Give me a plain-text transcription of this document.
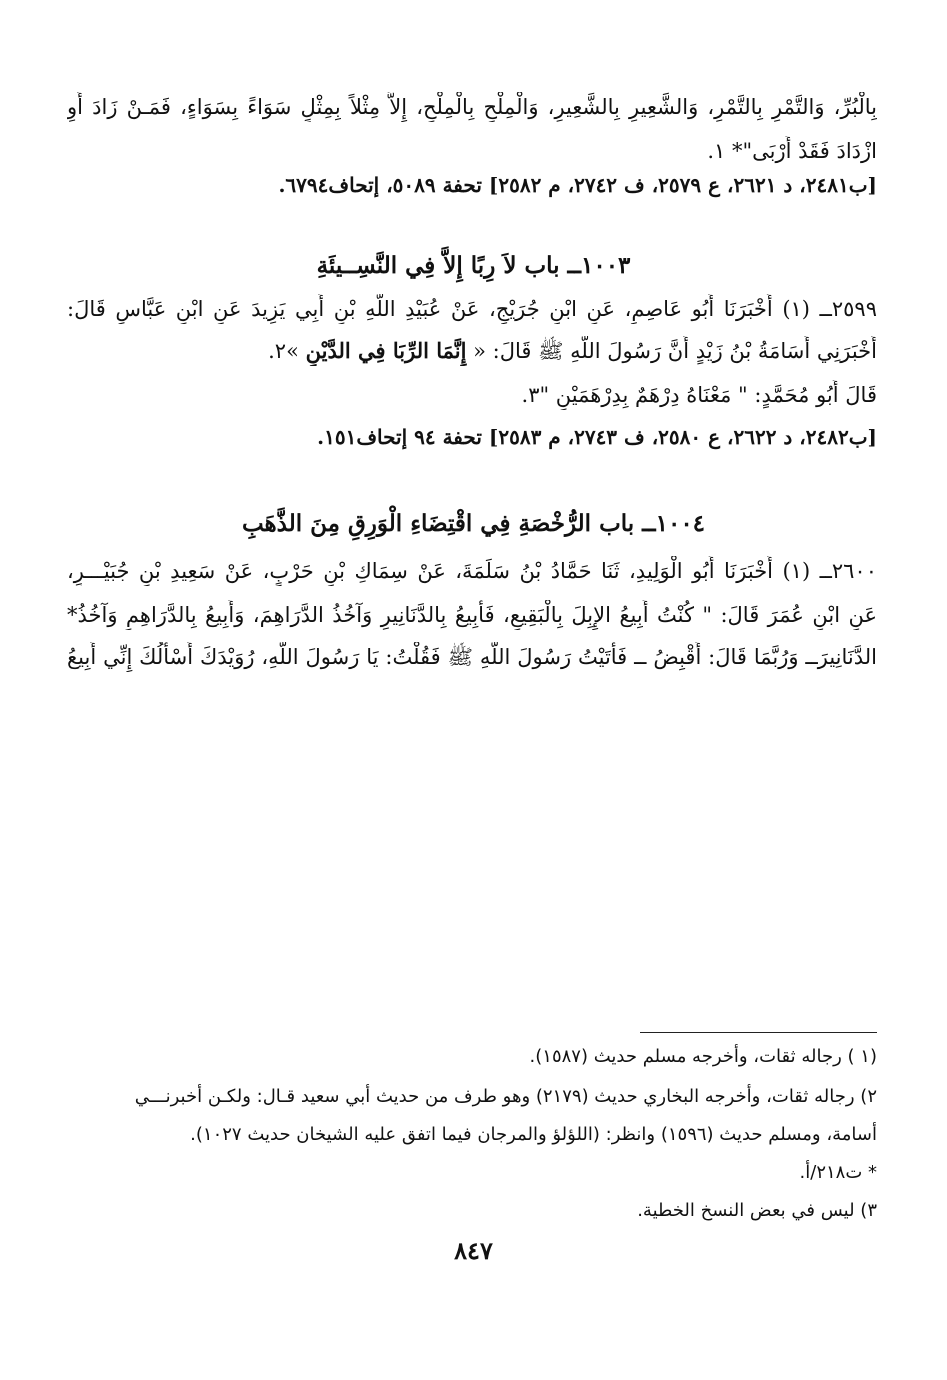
بِالْبُرِّ، وَالتَّمْرِ بِالتَّمْرِ، وَالشَّعِيرِ بِالشَّعِيرِ، وَالْمِلْحِ بِالْمِلْحِ، إِلاَّ مِثْلاً بِمِثْلٍ سَوَاءً بِسَوَاءٍ، فَمَـنْ زَادَ أَوِ
ازْدَادَ فَقَدْ أَرْبَى"* ١.
[ب٢٤٨١، د ٢٦٢١، ع ٢٥٧٩، ف ٢٧٤٢، م ٢٥٨٢] تحفة ٥٠٨٩، إتحاف٦٧٩٤.
١٠٠٣ــ باب لاَ رِبًا إِلاَّ فِي النَّسِــيئَةِ
٢٥٩٩ــ (١) أَخْبَرَنَا أَبُو عَاصِمٍ، عَنِ ابْنِ جُرَيْجٍ، عَنْ عُبَيْدِ اللَّهِ بْنِ أَبِي يَزِيدَ عَنِ ابْنِ عَبَّاسٍ قَالَ:
أَخْبَرَنِي أُسَامَةُ بْنُ زَيْدٍ أَنَّ رَسُولَ اللَّهِ ﷺ قَالَ: « إِنَّمَا الرِّبَا فِي الدَّيْنِ »٢.
قَالَ أَبُو مُحَمَّدٍ: " مَعْنَاهُ دِرْهَمٌ بِدِرْهَمَيْنِ "٣.
[ب٢٤٨٢، د ٢٦٢٢، ع ٢٥٨٠، ف ٢٧٤٣، م ٢٥٨٣] تحفة ٩٤ إتحاف١٥١.
١٠٠٤ــ باب الرُّخْصَةِ فِي اقْتِضَاءِ الْوَرِقِ مِنَ الذَّهَبِ
٢٦٠٠ــ (١) أَخْبَرَنَا أَبُو الْوَلِيدِ، ثَنَا حَمَّادُ بْنُ سَلَمَةَ، عَنْ سِمَاكِ بْنِ حَرْبٍ، عَنْ سَعِيدِ بْنِ جُبَيْـــرٍ،
عَنِ ابْنِ عُمَرَ قَالَ: " كُنْتُ أَبِيعُ الإِبِلَ بِالْبَقِيعِ، فَأَبِيعُ بِالدَّنَانِيرِ وَآخُذُ الدَّرَاهِمَ، وَأَبِيعُ بِالدَّرَاهِمِ وَآخُذُ*
الدَّنَانِيرَــ وَرُبَّمَا قَالَ: أَقْبِضُ ــ فَأَتَيْتُ رَسُولَ اللَّهِ ﷺ فَقُلْتُ: يَا رَسُولَ اللَّهِ، رُوَيْدَكَ أَسْأَلُكَ إِنِّي أَبِيعُ
(١ ) رجاله ثقات، وأخرجه مسلم حديث (١٥٨٧).
٢) رجاله ثقات، وأخرجه البخاري حديث (٢١٧٩) وهو طرف من حديث أبي سعيد قـال: ولكـن أخبرنـــي
أسامة، ومسلم حديث (١٥٩٦) وانظر: (اللؤلؤ والمرجان فيما اتفق عليه الشيخان حديث ١٠٢٧).
* ت٢١٨/أ.
٣) ليس في بعض النسخ الخطية.
٨٤٧
